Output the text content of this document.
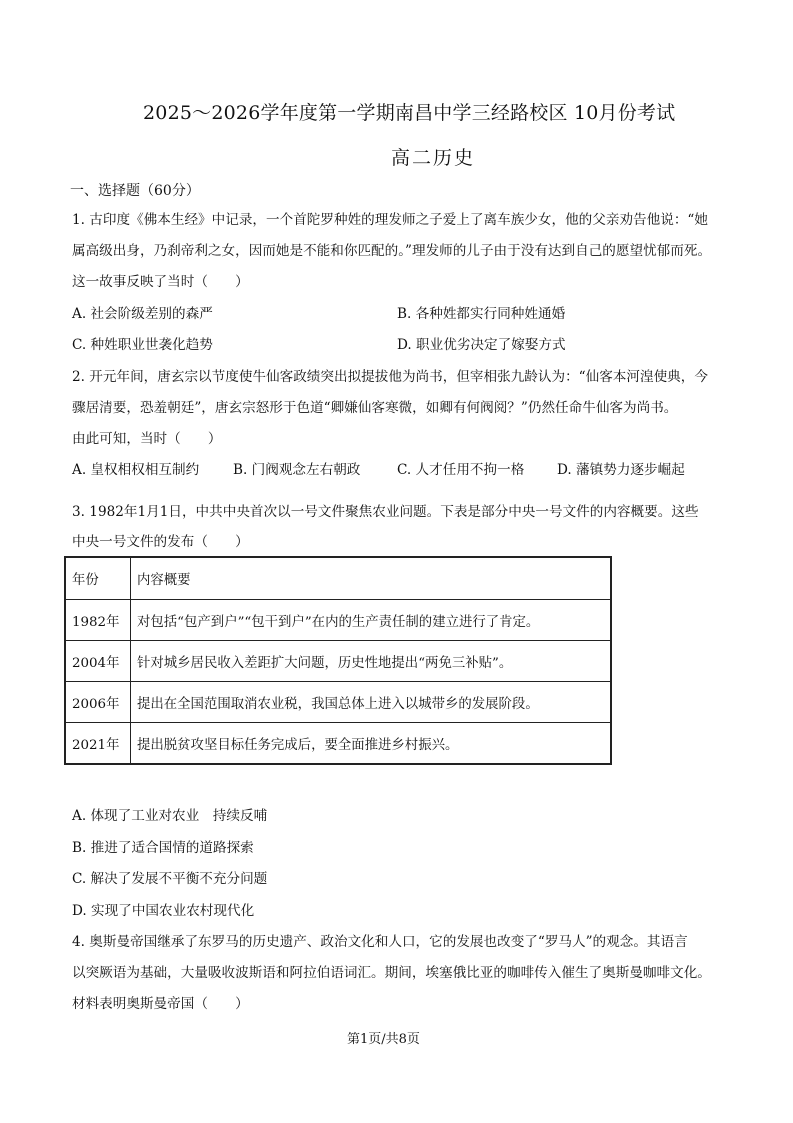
2025～2026学年度第一学期南昌中学三经路校区 10月份考试
高二历史
一、选择题（60分）
1. 古印度《佛本生经》中记录，一个首陀罗种姓的理发师之子爱上了离车族少女，他的父亲劝告他说：“她
属高级出身，乃刹帝利之女，因而她是不能和你匹配的。”理发师的儿子由于没有达到自己的愿望忧郁而死。
这一故事反映了当时（　　）
A. 社会阶级差别的森严	B. 各种姓都实行同种姓通婚
C. 种姓职业世袭化趋势	D. 职业优劣决定了嫁娶方式
2. 开元年间，唐玄宗以节度使牛仙客政绩突出拟提拔他为尚书，但宰相张九龄认为：“仙客本河湟使典，今
骤居清要，恐羞朝廷”，唐玄宗怒形于色道“卿嫌仙客寒微，如卿有何阀阅？”仍然任命牛仙客为尚书。
由此可知，当时（　　）
A. 皇权相权相互制约 B. 门阀观念左右朝政	C. 人才任用不拘一格 D. 藩镇势力逐步崛起
3. 1982年1月1日，中共中央首次以一号文件聚焦农业问题。下表是部分中央一号文件的内容概要。这些
中央一号文件的发布（　　）
年份	内容概要
1982年	对包括“包产到户”“包干到户”在内的生产责任制的建立进行了肯定。
2004年	针对城乡居民收入差距扩大问题，历史性地提出“两免三补贴”。
2006年	提出在全国范围取消农业税，我国总体上进入以城带乡的发展阶段。
2021年	提出脱贫攻坚目标任务完成后，要全面推进乡村振兴。
A. 体现了工业对农业　持续反哺
B. 推进了适合国情的道路探索
C. 解决了发展不平衡不充分问题
D. 实现了中国农业农村现代化
4. 奥斯曼帝国继承了东罗马的历史遗产、政治文化和人口，它的发展也改变了“罗马人”的观念。其语言
以突厥语为基础，大量吸收波斯语和阿拉伯语词汇。期间，埃塞俄比亚的咖啡传入催生了奥斯曼咖啡文化。
材料表明奥斯曼帝国（　　）
第1页/共8页
